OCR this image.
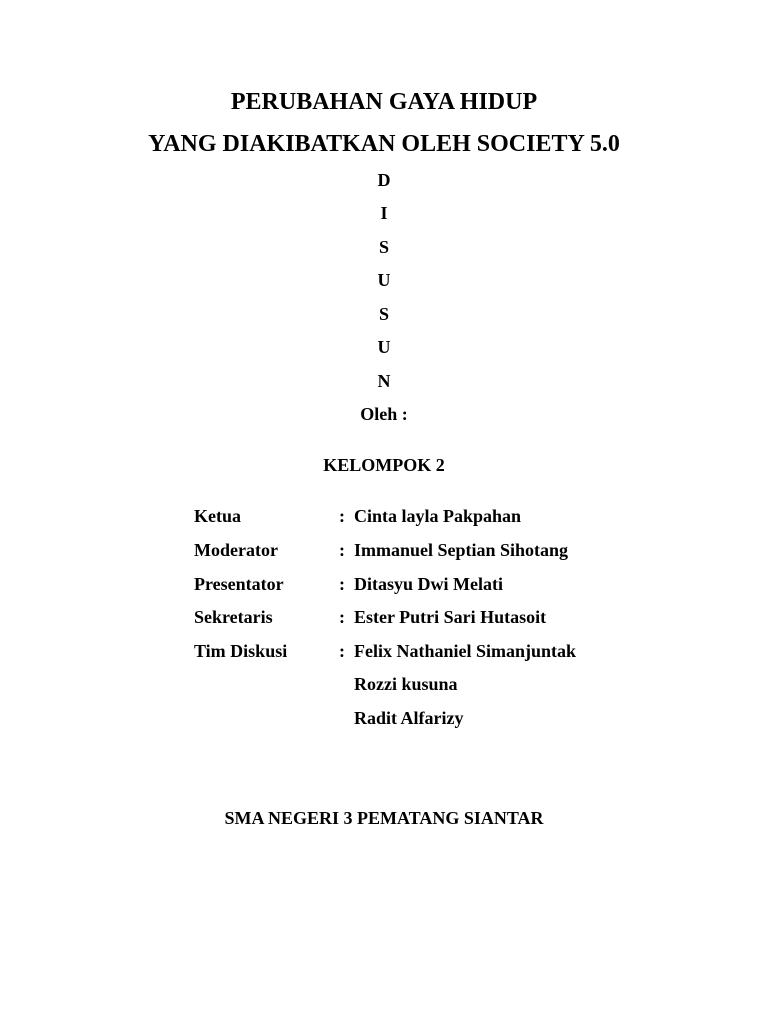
PERUBAHAN GAYA HIDUP
YANG DIAKIBATKAN OLEH SOCIETY 5.0
D
I
S
U
S
U
N
Oleh :
KELOMPOK 2
Ketua	: Cinta layla Pakpahan
Moderator	: Immanuel Septian Sihotang
Presentator	: Ditasyu Dwi Melati
Sekretaris	: Ester Putri Sari Hutasoit
Tim Diskusi	: Felix Nathaniel Simanjuntak
Rozzi kusuna
Radit Alfarizy
SMA NEGERI 3 PEMATANG SIANTAR
